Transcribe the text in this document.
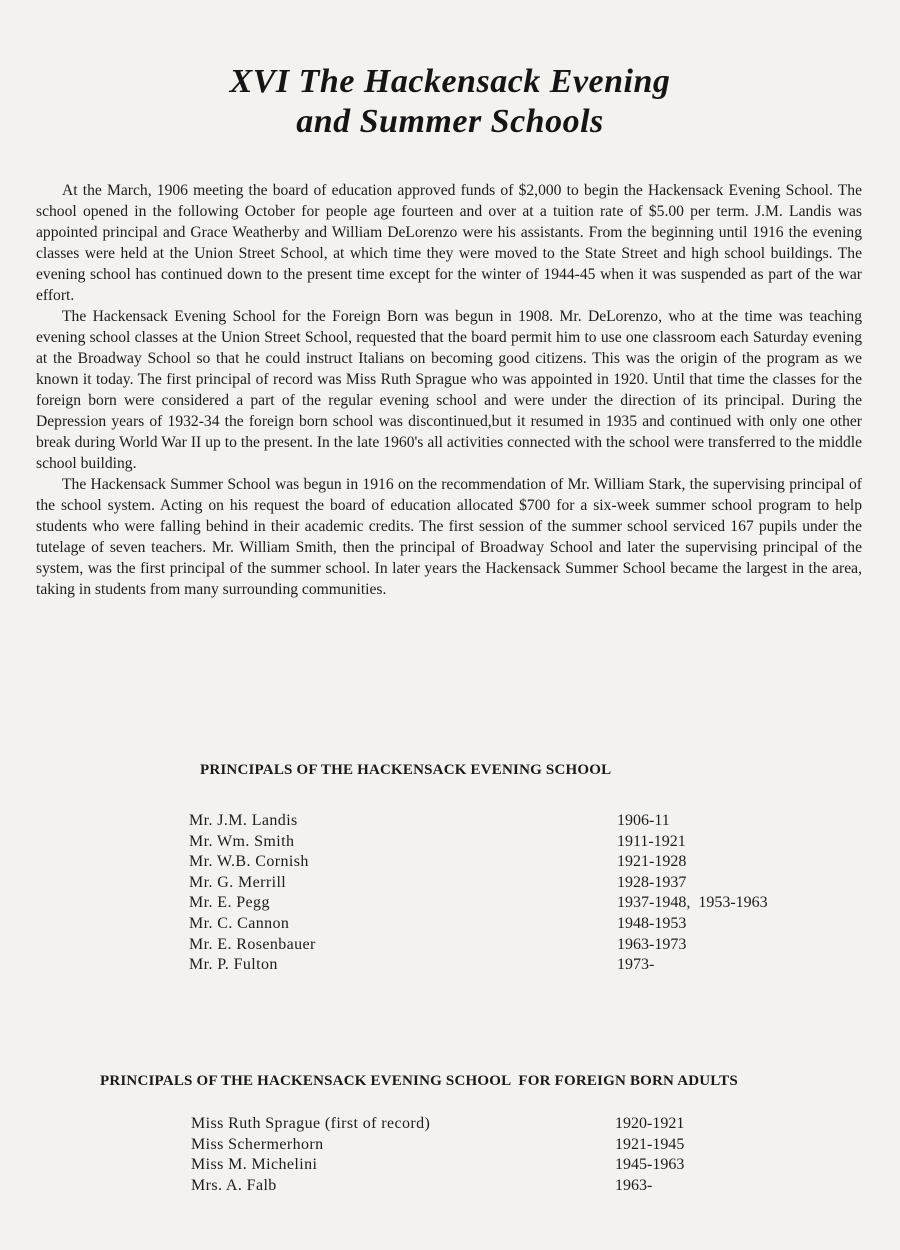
XVI The Hackensack Evening
and Summer Schools

At the March, 1906 meeting the board of education approved funds of $2,000 to begin the Hackensack Evening School. The school opened in the following October for people age fourteen and over at a tuition rate of $5.00 per term. J.M. Landis was appointed principal and Grace Weatherby and William DeLorenzo were his assistants. From the beginning until 1916 the evening classes were held at the Union Street School, at which time they were moved to the State Street and high school buildings. The evening school has continued down to the present time except for the winter of 1944-45 when it was suspended as part of the war effort.

The Hackensack Evening School for the Foreign Born was begun in 1908. Mr. DeLorenzo, who at the time was teaching evening school classes at the Union Street School, requested that the board permit him to use one classroom each Saturday evening at the Broadway School so that he could instruct Italians on becoming good citizens. This was the origin of the program as we known it today. The first principal of record was Miss Ruth Sprague who was appointed in 1920. Until that time the classes for the foreign born were considered a part of the regular evening school and were under the direction of its principal. During the Depression years of 1932-34 the foreign born school was discontinued,but it resumed in 1935 and continued with only one other break during World War II up to the present. In the late 1960's all activities connected with the school were transferred to the middle school building.

The Hackensack Summer School was begun in 1916 on the recommendation of Mr. William Stark, the supervising principal of the school system. Acting on his request the board of education allocated $700 for a six-week summer school program to help students who were falling behind in their academic credits. The first session of the summer school serviced 167 pupils under the tutelage of seven teachers. Mr. William Smith, then the principal of Broadway School and later the supervising principal of the system, was the first principal of the summer school. In later years the Hackensack Summer School became the largest in the area, taking in students from many surrounding communities.

PRINCIPALS OF THE HACKENSACK EVENING SCHOOL
Mr. J.M. Landis	1906-11
Mr. Wm. Smith	1911-1921
Mr. W.B. Cornish	1921-1928
Mr. G. Merrill	1928-1937
Mr. E. Pegg	1937-1948,  1953-1963
Mr. C. Cannon	1948-1953
Mr. E. Rosenbauer	1963-1973
Mr. P. Fulton	1973-
PRINCIPALS OF THE HACKENSACK EVENING SCHOOL  FOR FOREIGN BORN ADULTS
Miss Ruth Sprague (first of record)	1920-1921
Miss Schermerhorn	1921-1945
Miss M. Michelini	1945-1963
Mrs. A. Falb	1963-
